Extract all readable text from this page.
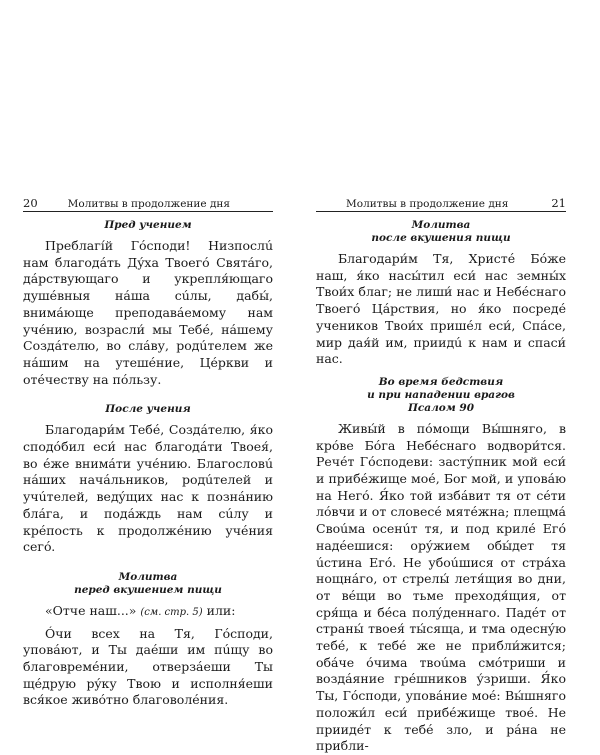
20	Молитвы в продолжение дня

Пред учением

Преблагíй Гóсподи! Низпослú нам благодáть Дýха Твоегó Святáго, дáрствующаго и укрепля́ющаго душéвныя нáша сúлы, дабы́, внимáюще преподавáемому нам учéнию, возрасли́ мы Тебé, нáшему Создáтелю, во слáву, родúтелем же нáшим на утешéние, Цéркви и отéчеству на пóльзу.

После учения

Благодари́м Тебé, Создáтелю, я́ко сподóбил еси́ нас благодáти Твоея́, во éже внимáти учéнию. Благословú нáших начáльников, родúтелей и учúтелей, ведýщих нас к познáнию блáга, и подáждь нам сúлу и крéпость к продолжéнию учéния сегó.

Молитва
перед вкушением пищи

«Отче наш...» (см. стр. 5) или:

Óчи всех на Тя, Гóсподи, уповáют, и Ты даéши им пúщу во благовремéнии, отверзáеши Ты щéдрую рýку Твою и исполня́еши вся́кое живóтно благоволéния.

Молитвы в продолжение дня	21

Молитва
после вкушения пищи

Благодари́м Тя, Христé Бóже наш, я́ко насы́тил еси́ нас земны́х Твои́х благ; не лиши́ нас и Небéснаго Твоегó Цáрствия, но я́ко посредé учеников Твои́х пришéл еси́, Спáсе, мир дая́й им, приидú к нам и спаси́ нас.

Во время бедствия
и при нападении врагов
Псалом 90

Живы́й в пóмощи Вы́шняго, в крóве Бóга Небéснаго водвори́тся. Речéт Гóсподеви: засту́пник мой еси́ и прибéжище моé, Бог мой, и уповáю на Негó. Я́ко той избáвит тя от сéти лóвчи и от словесé мятéжна; плещмá Своúма осенúт тя, и под крилé Егó надéешися: орýжием обы́дет тя úстина Егó. Не убоúшися от стрáха нощнáго, от стрелы́ летя́щия во дни, от вéщи во тьме преходя́щия, от сря́ща и бéса полýденнаго. Падéт от страны́ твоея́ ты́сяща, и тма одеснýю тебé, к тебé же не прибли́жится; обáче óчима твоúма смóтриши и воздáяние грéшников у́зриши. Я́ко Ты, Гóсподи, уповáние моé: Вы́шняго положи́л еси́ прибéжище твоé. Не приидéт к тебé зло, и рáна не прибли-
